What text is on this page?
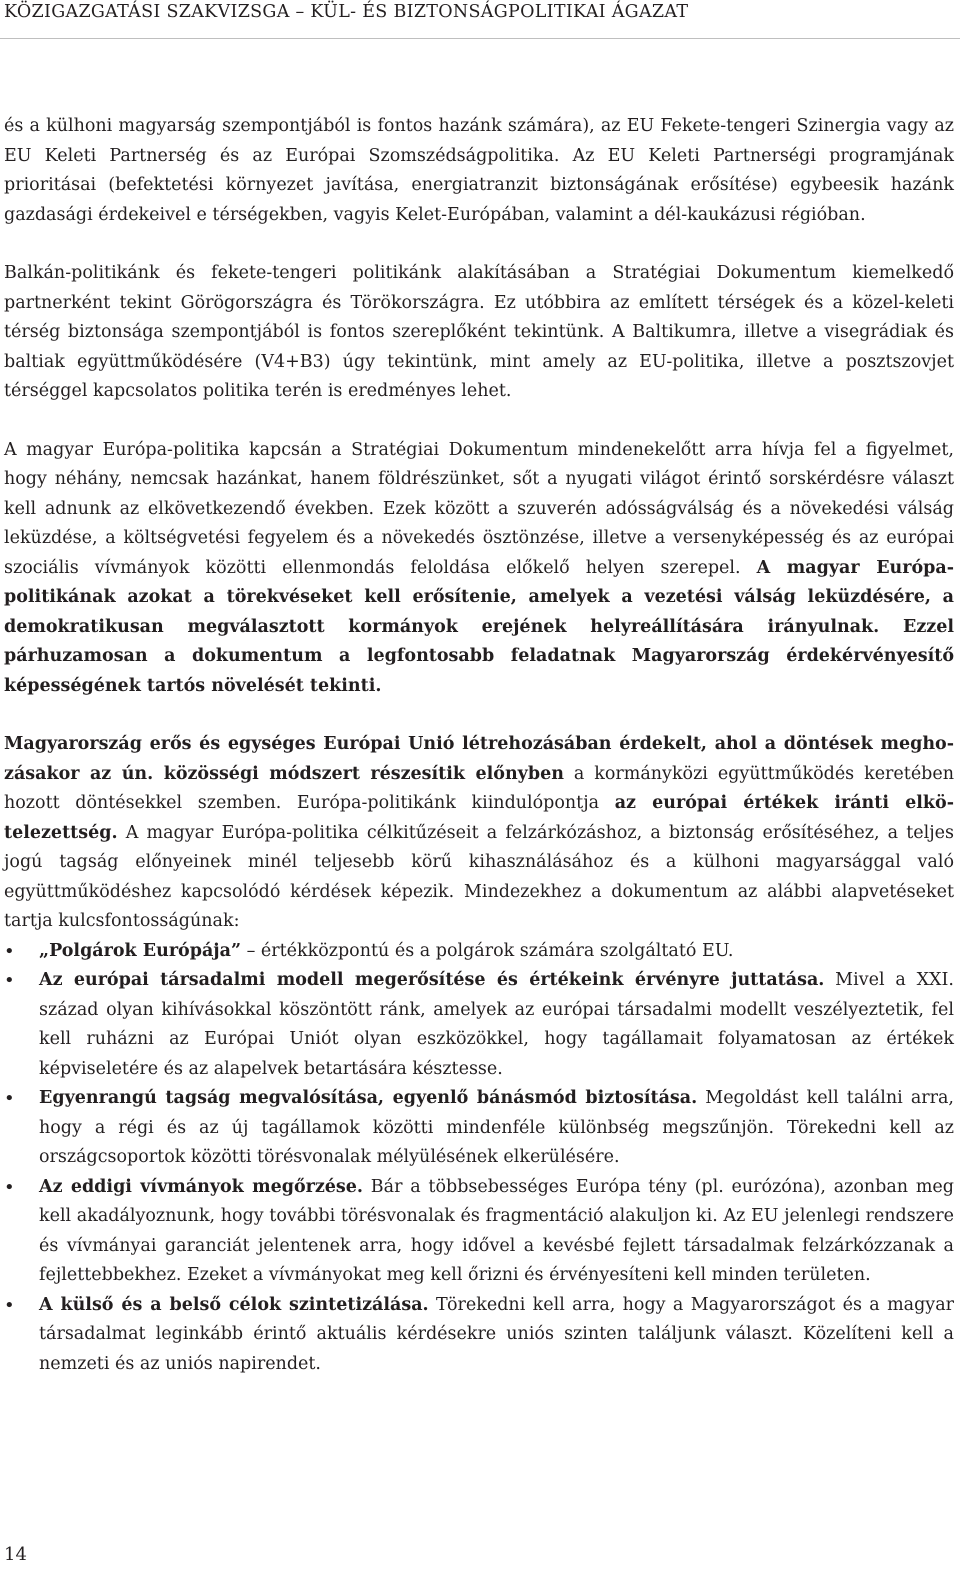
KÖZIGAZGATÁSI SZAKVIZSGA – KÜL- ÉS BIZTONSÁGPOLITIKAI ÁGAZAT

és a külhoni magyarság szempontjából is fontos hazánk számára), az EU Fekete-tengeri Szinergia vagy az EU Keleti Partnerség és az Európai Szomszédságpolitika. Az EU Keleti Partnerségi programjának prioritásai (befektetési környezet javítása, energiatranzit biztonságának erősítése) egybeesik hazánk gazdasági érdekeivel e térségekben, vagyis Kelet-Európában, valamint a dél-kaukázusi régióban.

Balkán-politikánk és fekete-tengeri politikánk alakításában a Stratégiai Dokumentum kiemelkedő partnerként tekint Görögországra és Törökországra. Ez utóbbira az említett térségek és a közel-keleti térség biztonsága szempontjából is fontos szereplőként tekintünk. A Baltikumra, illetve a visegrádiak és baltiak együttműködésére (V4+B3) úgy tekintünk, mint amely az EU-politika, illetve a posztszovjet térséggel kapcsolatos politika terén is eredményes lehet.

A magyar Európa-politika kapcsán a Stratégiai Dokumentum mindenekelőtt arra hívja fel a figyelmet, hogy néhány, nemcsak hazánkat, hanem földrészünket, sőt a nyugati világot érintő sorskérdésre választ kell adnunk az elkövetkezendő években. Ezek között a szuverén adósságválság és a növekedési válság leküzdése, a költségvetési fegyelem és a növekedés ösztönzése, illetve a versenyképesség és az európai szociális vívmányok közötti ellenmondás feloldása előkelő helyen szerepel. A magyar Európa-politikának azokat a törekvéseket kell erősítenie, amelyek a vezetési válság leküzdésére, a demokratikusan megválasztott kormányok erejének helyreállítására irányulnak. Ezzel párhuzamosan a dokumentum a legfontosabb feladatnak Magyarország érdekérvényesítő képességének tartós növelését tekinti.

Magyarország erős és egységes Európai Unió létrehozásában érdekelt, ahol a döntések meghozásakor az ún. közösségi módszert részesítik előnyben a kormányközi együttműködés keretében hozott döntésekkel szemben. Európa-politikánk kiindulópontja az európai értékek iránti elkötelezettség. A magyar Európa-politika célkitűzéseit a felzárkózáshoz, a biztonság erősítéséhez, a teljes jogú tagság előnyeinek minél teljesebb körű kihasználásához és a külhoni magyarsággal való együttműködéshez kapcsolódó kérdések képezik. Mindezekhez a dokumentum az alábbi alapvetéseket tartja kulcsfontosságúnak:

• „Polgárok Európája” – értékközpontú és a polgárok számára szolgáltató EU.
• Az európai társadalmi modell megerősítése és értékeink érvényre juttatása. Mivel a XXI. század olyan kihívásokkal köszöntött ránk, amelyek az európai társadalmi modellt veszélyeztetik, fel kell ruházni az Európai Uniót olyan eszközökkel, hogy tagállamait folyamatosan az értékek képviseletére és az alapelvek betartására késztesse.
• Egyenrangú tagság megvalósítása, egyenlő bánásmód biztosítása. Megoldást kell találni arra, hogy a régi és az új tagállamok közötti mindenféle különbség megszűnjön. Törekedni kell az országcsoportok közötti törésvonalak mélyülésének elkerülésére.
• Az eddigi vívmányok megőrzése. Bár a többsebességes Európa tény (pl. eurózóna), azonban meg kell akadályoznunk, hogy további törésvonalak és fragmentáció alakuljon ki. Az EU jelenlegi rendszere és vívmányai garanciát jelentenek arra, hogy idővel a kevésbé fejlett társadalmak felzárkózzanak a fejlettebbekhez. Ezeket a vívmányokat meg kell őrizni és érvényesíteni kell minden területen.
• A külső és a belső célok szintetizálása. Törekedni kell arra, hogy a Magyarországot és a magyar társadalmat leginkább érintő aktuális kérdésekre uniós szinten találjunk választ. Közelíteni kell a nemzeti és az uniós napirendet.
14
